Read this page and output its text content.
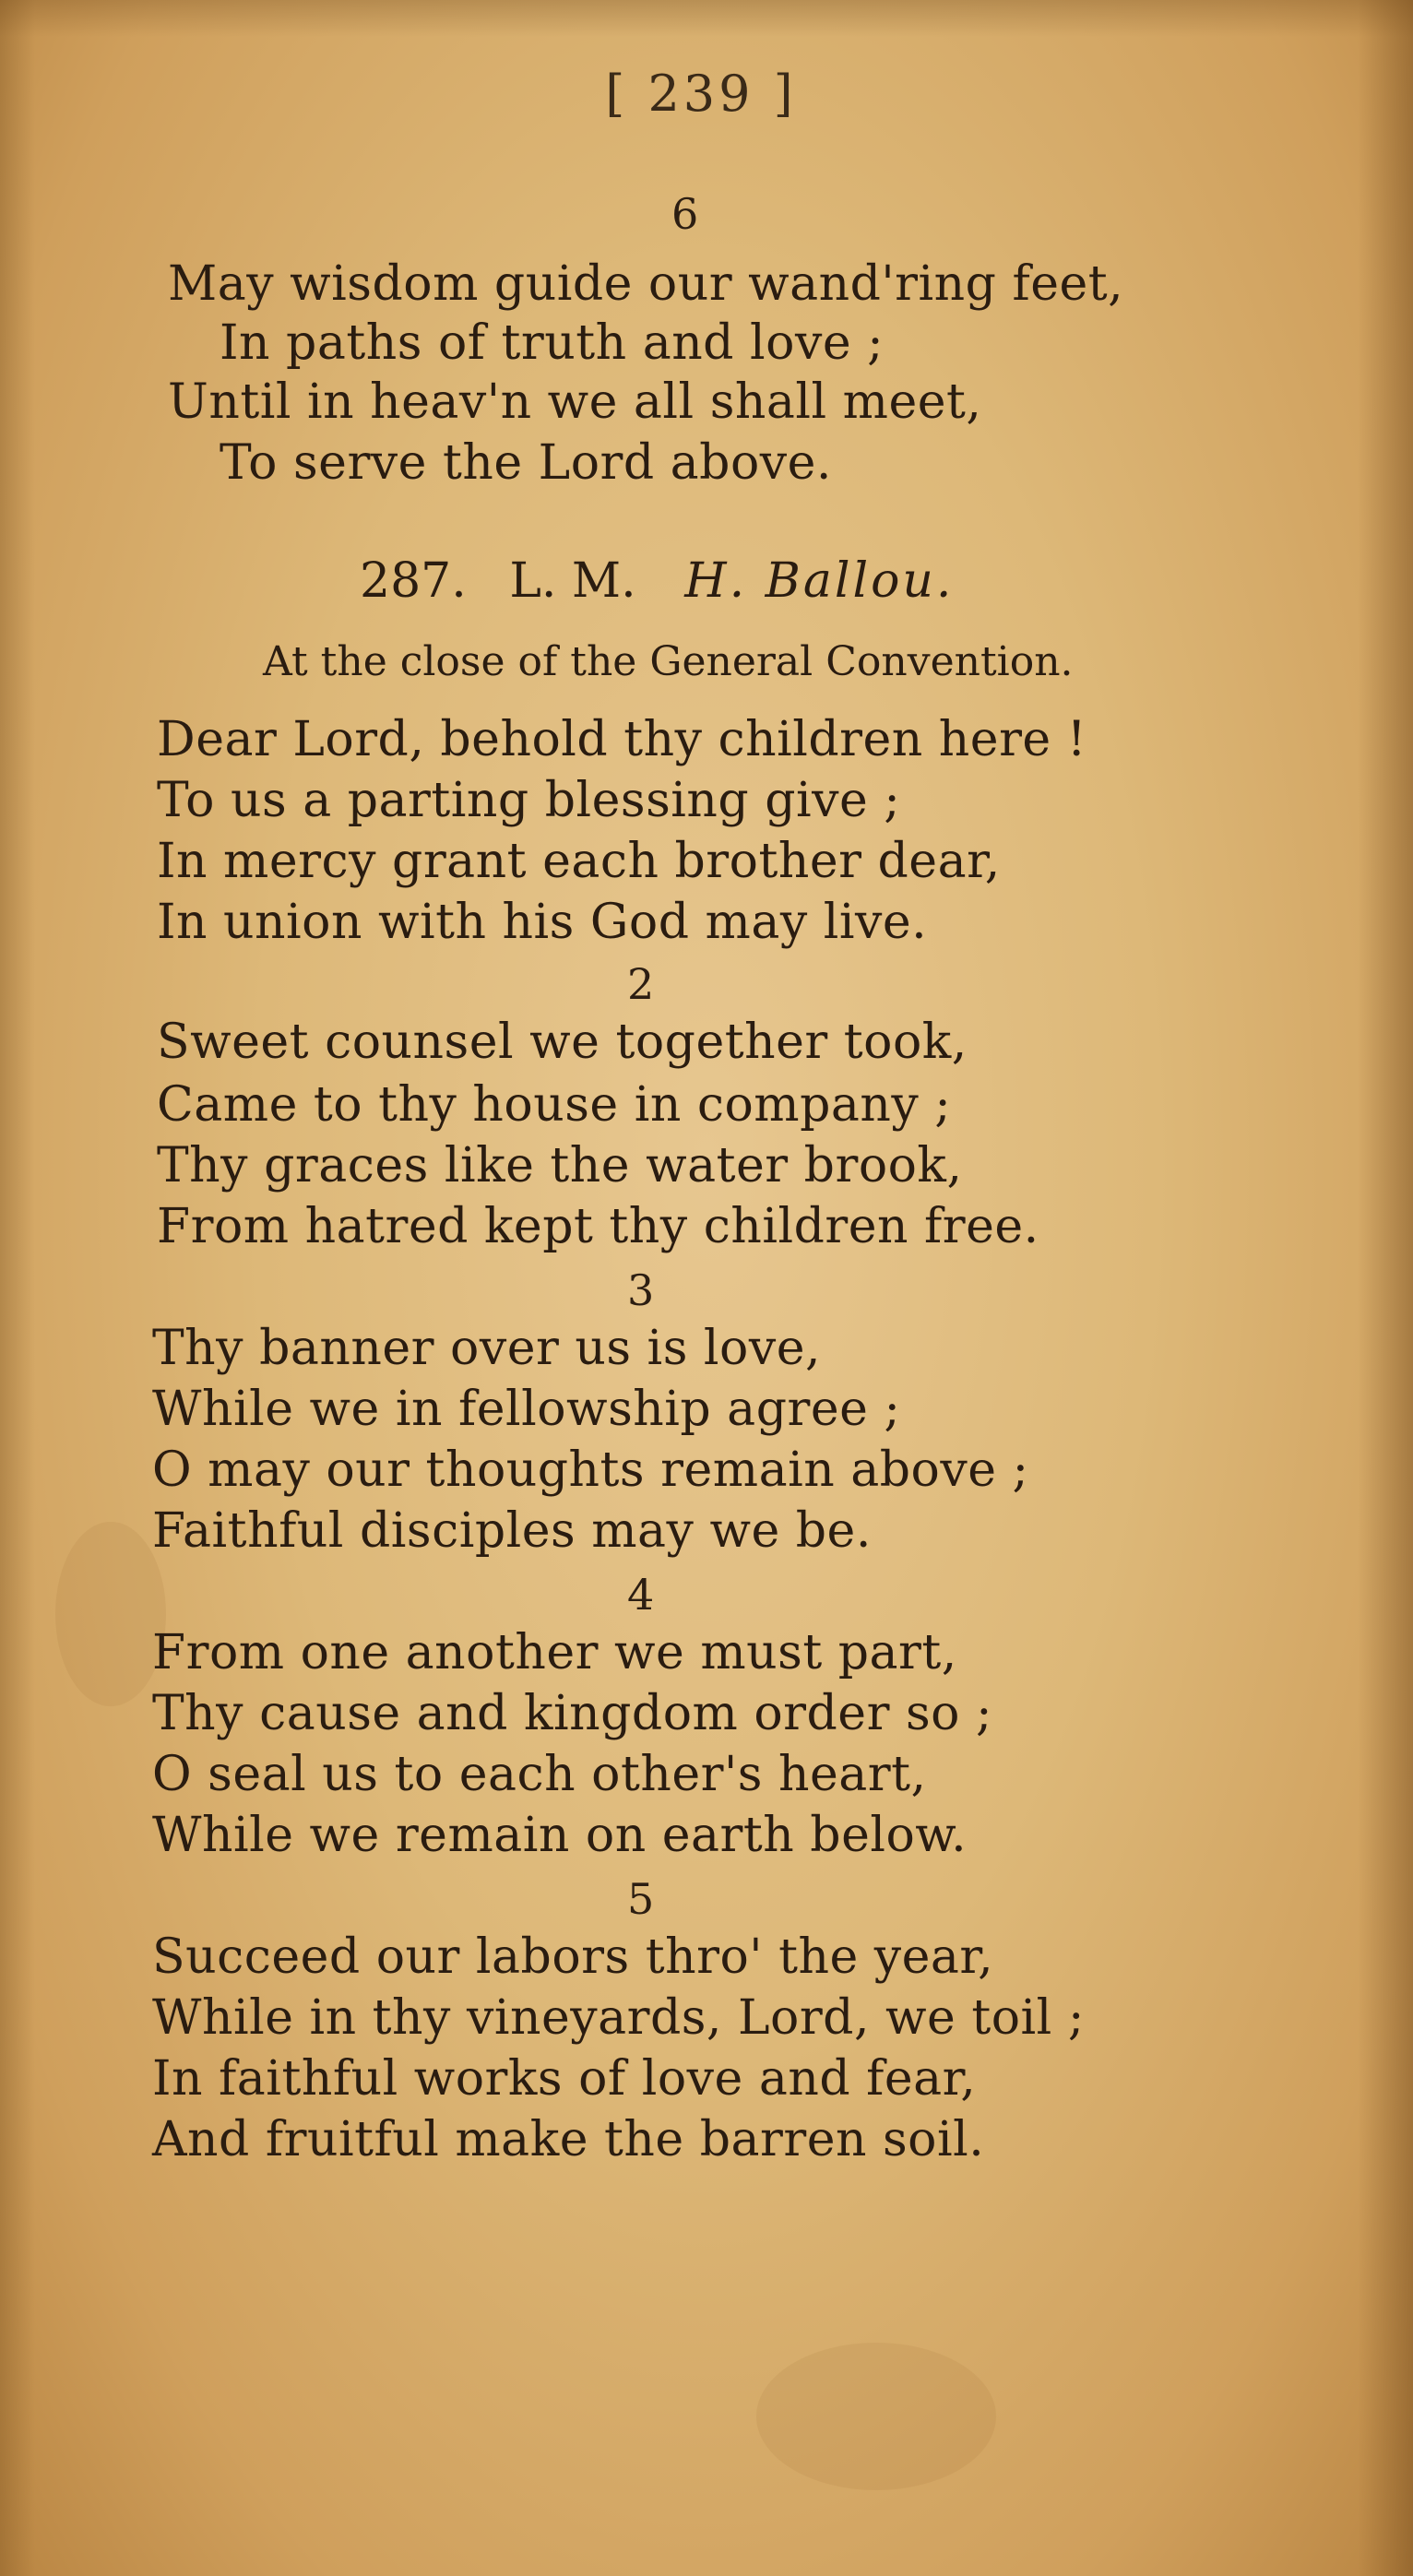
[ 239 ]
6
May wisdom guide our wand'ring feet,
In paths of truth and love ;
Until in heav'n we all shall meet,
To serve the Lord above.
287. L. M. H. Ballou.
At the close of the General Convention.
Dear Lord, behold thy children here !
To us a parting blessing give ;
In mercy grant each brother dear,
In union with his God may live.
2
Sweet counsel we together took,
Came to thy house in company ;
Thy graces like the water brook,
From hatred kept thy children free.
3
Thy banner over us is love,
While we in fellowship agree ;
O may our thoughts remain above ;
Faithful disciples may we be.
4
From one another we must part,
Thy cause and kingdom order so ;
O seal us to each other's heart,
While we remain on earth below.
5
Succeed our labors thro' the year,
While in thy vineyards, Lord, we toil ;
In faithful works of love and fear,
And fruitful make the barren soil.
